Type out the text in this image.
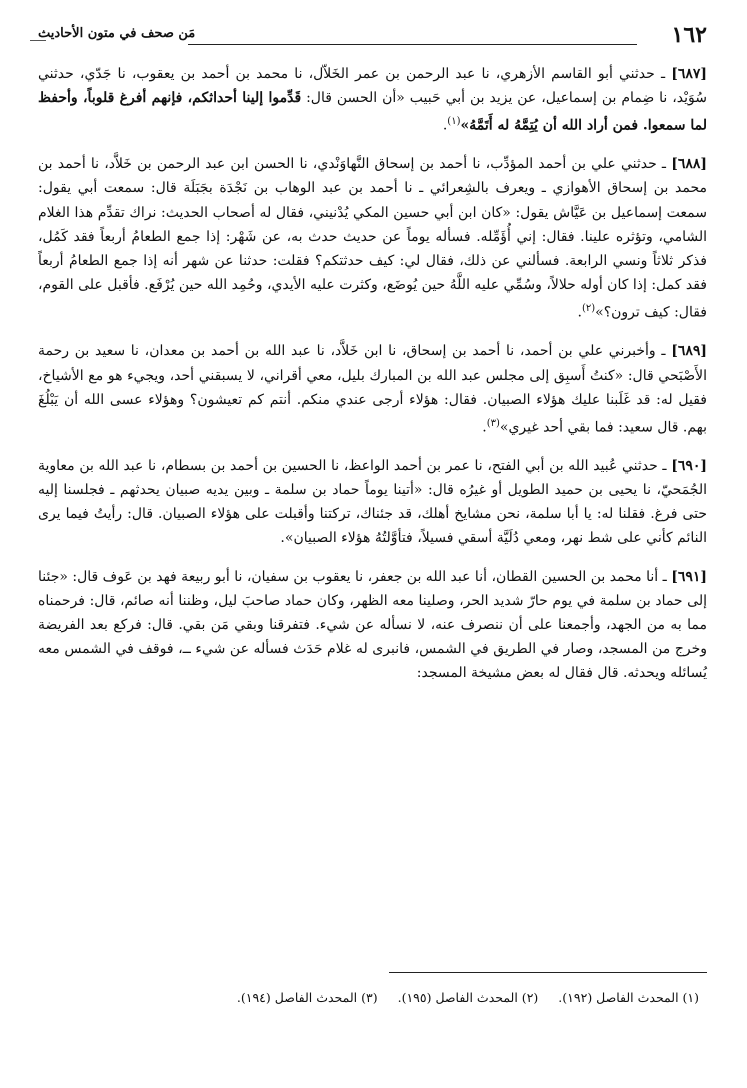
١٦٢
مَن صحف في متون الأحاديث

[٦٨٧] ـ حدثني أبو القاسم الأزهري، نا عبد الرحمن بن عمر الخَلاّل، نا محمد بن أحمد بن يعقوب، نا جَدّي، حدثني سُوَيْد، نا ضِمام بن إسماعيل، عن يزيد بن أبي حَبيب «أن الحسن قال: قَدِّموا إلينا أحداثكم، فإنهم أفرغ قلوباً، وأحفظ لما سمعوا. فمن أراد الله أن يُتِمَّهُ له أَتَمَّهُ»$^{(١)}$.

[٦٨٨] ـ حدثني علي بن أحمد المؤدِّب، نا أحمد بن إسحاق النَّهاوَنْدي، نا الحسن ابن عبد الرحمن بن خَلاَّد، نا أحمد بن محمد بن إسحاق الأهوازي ـ ويعرف بالشِعرائي ـ نا أحمد بن عبد الوهاب بن نَجْدَة بجَبَلَة قال: سمعت أبي يقول: سمعت إسماعيل بن عَيَّاش يقول: «كان ابن أبي حسين المكي يُدْنيني، فقال له أصحاب الحديث: نراك تقدِّم هذا الغلام الشامي، وتؤثره علينا. فقال: إني أُؤَمِّله. فسأله يوماً عن حديث حدث به، عن شَهْر: إذا جمع الطعامُ أربعاً فقد كَمُل، فذكر ثلاثاً ونسي الرابعة. فسألني عن ذلك، فقال لي: كيف حدثتكم؟ فقلت: حدثنا عن شهر أنه إذا جمع الطعامُ أربعاً فقد كمل: إذا كان أوله حلالاً، وسُمِّي عليه اللَّهُ حين يُوضَع، وكثرت عليه الأيدي، وحُمِد الله حين يُرْفَع. فأقبل على القوم، فقال: كيف ترون؟»$^{(٢)}$.

[٦٨٩] ـ وأخبرني علي بن أحمد، نا أحمد بن إسحاق، نا ابن خَلاَّد، نا عبد الله بن أحمد بن معدان، نا سعيد بن رحمة الأَصْبَحي قال: «كنتُ أَسبِق إلى مجلس عبد الله بن المبارك بليل، معي أقراني، لا يسبقني أحد، ويجيء هو مع الأشياخ، فقيل له: قد غَلَبنا عليك هؤلاء الصبيان. فقال: هؤلاء أرجى عندي منكم. أنتم كم تعيشون؟ وهؤلاء عسى الله أن يَبْلُغَ بهم. قال سعيد: فما بقي أحد غيري»$^{(٣)}$.

[٦٩٠] ـ حدثني عُبيد الله بن أبي الفتح، نا عمر بن أحمد الواعظ، نا الحسين بن أحمد بن بسطام، نا عبد الله بن معاوية الجُمَحيّ، نا يحيى بن حميد الطويل أو غيرُه قال: «أتينا يوماً حماد بن سلمة ـ وبين يديه صبيان يحدثهم ـ فجلسنا إليه حتى فرغ. فقلنا له: يا أبا سلمة، نحن مشايخ أهلك، قد جئناك، تركتنا وأقبلت على هؤلاء الصبيان. قال: رأيتُ فيما يرى النائم كأني على شط نهر، ومعي دُلَيَّة أسقي فسيلاً، فتأوَّلتُهُ هؤلاء الصبيان».

[٦٩١] ـ أنا محمد بن الحسين القطان، أنا عبد الله بن جعفر، نا يعقوب بن سفيان، نا أبو ربيعة فهد بن عَوف قال: «جئنا إلى حماد بن سلمة في يوم حارّ شديد الحر، وصلينا معه الظهر، وكان حماد صاحبَ ليل، وظننا أنه صائم، قال: فرحمناه مما به من الجهد، وأجمعنا على أن ننصرف عنه، لا نسأله عن شيء. فتفرقنا وبقي مَن بقي. قال: فركع بعد الفريضة وخرج من المسجد، وصار في الطريق في الشمس، فانبرى له غلام حَدَث فسأله عن شيء ــ، فوقف في الشمس معه يُسائله ويحدثه. قال فقال له بعض مشيخة المسجد:

(١) المحدث الفاصل (١٩٢).
(٢) المحدث الفاصل (١٩٥).
(٣) المحدث الفاصل (١٩٤).
